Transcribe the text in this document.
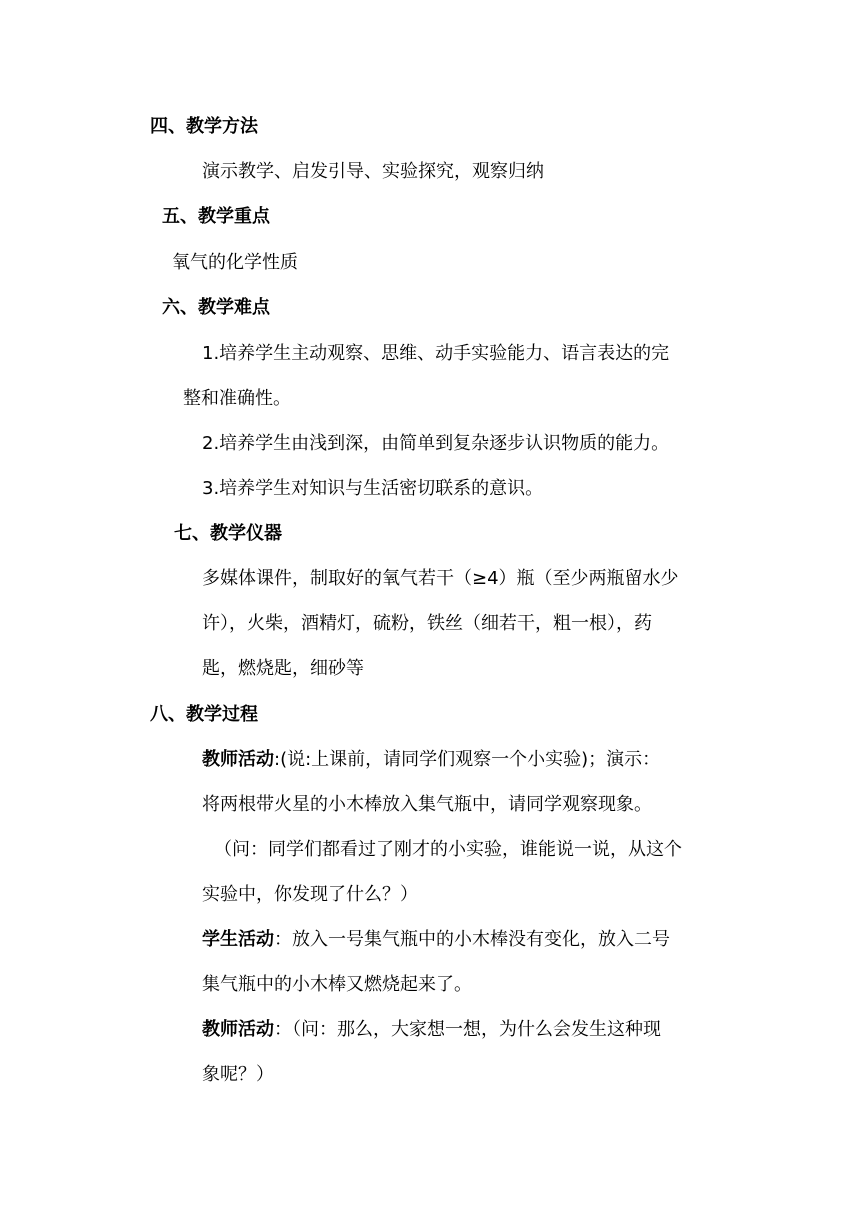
四、教学方法
演示教学、启发引导、实验探究，观察归纳
五、教学重点
氧气的化学性质
六、教学难点
1.培养学生主动观察、思维、动手实验能力、语言表达的完
整和准确性。
2.培养学生由浅到深，由简单到复杂逐步认识物质的能力。
3.培养学生对知识与生活密切联系的意识。
七、教学仪器
多媒体课件，制取好的氧气若干（≥4）瓶（至少两瓶留水少
许），火柴，酒精灯，硫粉，铁丝（细若干，粗一根），药
匙，燃烧匙，细砂等
八、教学过程
教师活动:(说:上课前，请同学们观察一个小实验)；演示：
将两根带火星的小木棒放入集气瓶中，请同学观察现象。
（问：同学们都看过了刚才的小实验，谁能说一说，从这个
实验中，你发现了什么？）
学生活动：放入一号集气瓶中的小木棒没有变化，放入二号
集气瓶中的小木棒又燃烧起来了。
教师活动：（问：那么，大家想一想，为什么会发生这种现
象呢？）
